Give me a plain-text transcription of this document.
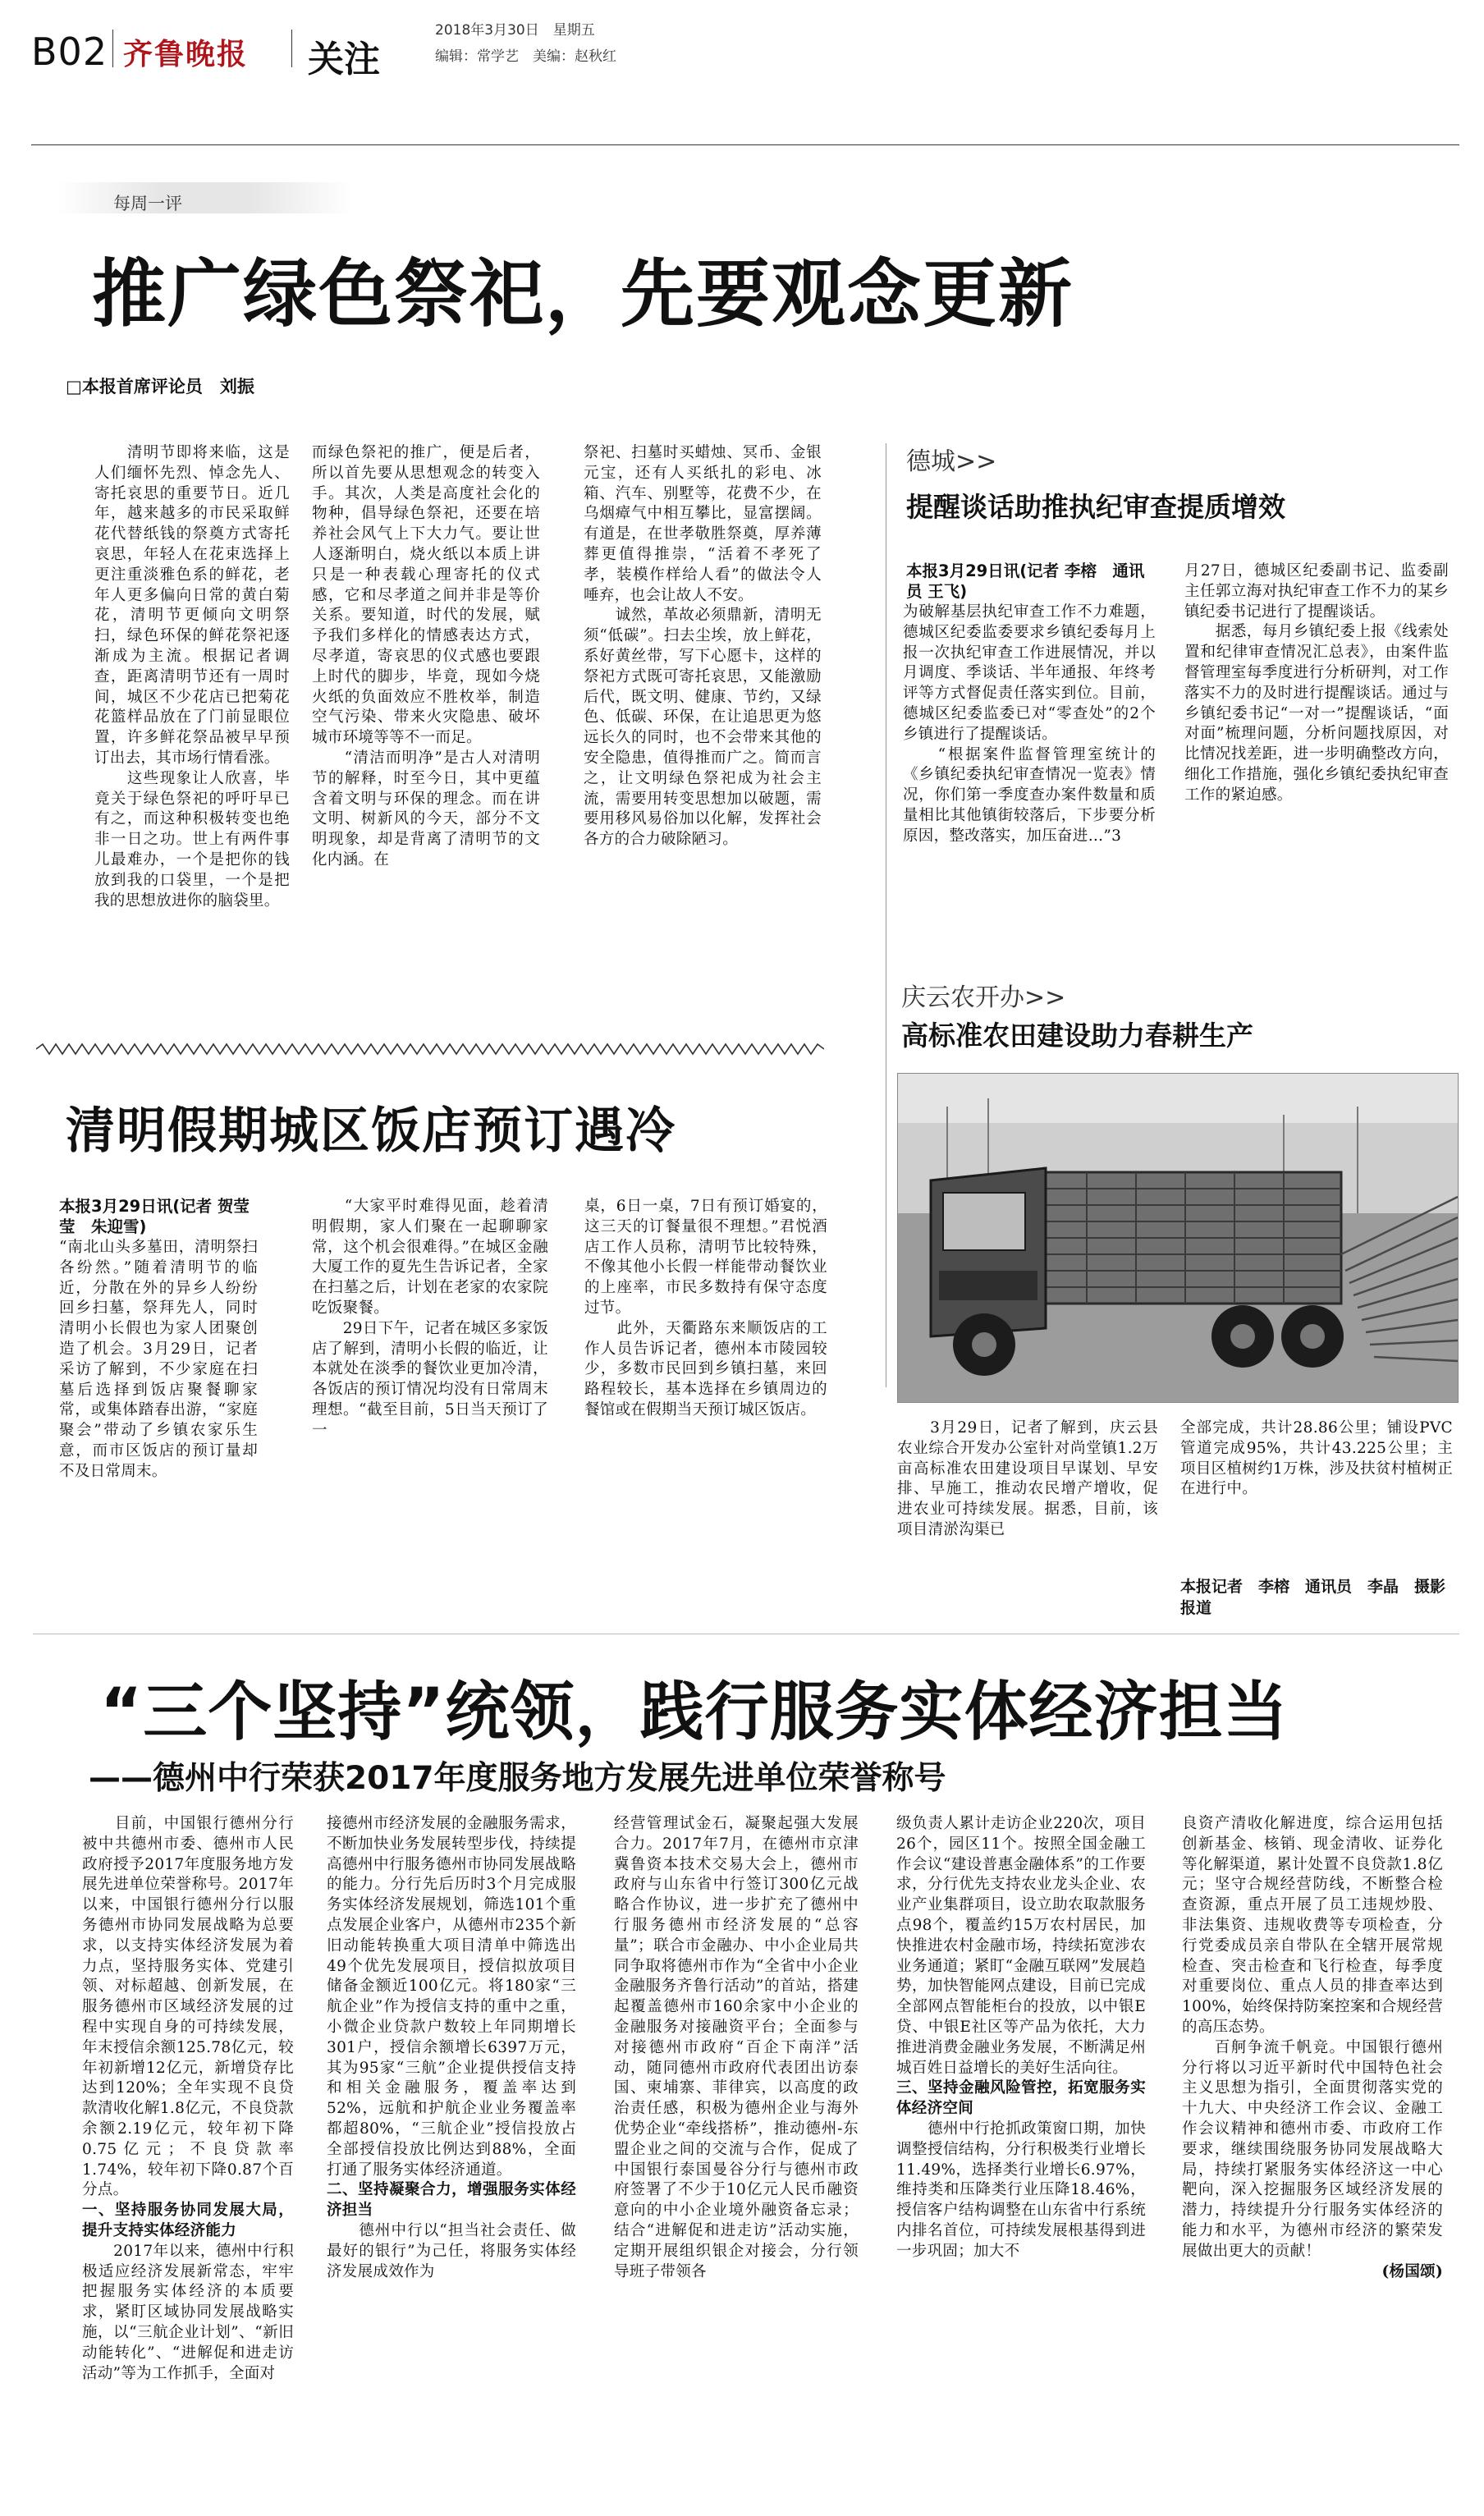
B02 齐鲁晚报 关注
2018年3月30日　星期五
编辑：常学艺　美编：赵秋红
每周一评
推广绿色祭祀，先要观念更新
□ 本报首席评论员　刘振
　　清明节即将来临，这是人们缅怀先烈、悼念先人、寄托哀思的重要节日。近几年，越来越多的市民采取鲜花代替纸钱的祭奠方式寄托哀思，年轻人在花束选择上更注重淡雅色系的鲜花，老年人更多偏向日常的黄白菊花，清明节更倾向文明祭扫，绿色环保的鲜花祭祀逐渐成为主流。根据记者调查，距离清明节还有一周时间，城区不少花店已把菊花花篮样品放在了门前显眼位置，许多鲜花祭品被早早预订出去，其市场行情看涨。
　　这些现象让人欣喜，毕竟关于绿色祭祀的呼吁早已有之，而这种积极转变也绝非一日之功。世上有两件事儿最难办，一个是把你的钱放到我的口袋里，一个是把我的思想放进你的脑袋里。
而绿色祭祀的推广，便是后者，所以首先要从思想观念的转变入手。其次，人类是高度社会化的物种，倡导绿色祭祀，还要在培养社会风气上下大力气。要让世人逐渐明白，烧火纸以本质上讲只是一种表载心理寄托的仪式感，它和尽孝道之间并非是等价关系。要知道，时代的发展，赋予我们多样化的情感表达方式，尽孝道，寄哀思的仪式感也要跟上时代的脚步，毕竟，现如今烧火纸的负面效应不胜枚举，制造空气污染、带来火灾隐患、破坏城市环境等等不一而足。
　　“清洁而明净”是古人对清明节的解释，时至今日，其中更蕴含着文明与环保的理念。而在讲文明、树新风的今天，部分不文明现象，却是背离了清明节的文化内涵。在
祭祀、扫墓时买蜡烛、冥币、金银元宝，还有人买纸扎的彩电、冰箱、汽车、别墅等，花费不少，在乌烟瘴气中相互攀比，显富摆阔。有道是，在世孝敬胜祭奠，厚养薄葬更值得推崇，“活着不孝死了孝，装模作样给人看”的做法令人唾弃，也会让故人不安。
　　诚然，革故必须鼎新，清明无须“低碳”。扫去尘埃，放上鲜花，系好黄丝带，写下心愿卡，这样的祭祀方式既可寄托哀思，又能激励后代，既文明、健康、节约，又绿色、低碳、环保，在让追思更为悠远长久的同时，也不会带来其他的安全隐患，值得推而广之。简而言之，让文明绿色祭祀成为社会主流，需要用转变思想加以破题，需要用移风易俗加以化解，发挥社会各方的合力破除陋习。
德城>>
提醒谈话助推执纪审查提质增效
本报3月29日讯(记者 李榕　通讯员 王飞)
为破解基层执纪审查工作不力难题，德城区纪委监委要求乡镇纪委每月上报一次执纪审查工作进展情况，并以月调度、季谈话、半年通报、年终考评等方式督促责任落实到位。目前，德城区纪委监委已对“零查处”的2个乡镇进行了提醒谈话。
　　“根据案件监督管理室统计的《乡镇纪委执纪审查情况一览表》情况，你们第一季度查办案件数量和质量相比其他镇街较落后，下步要分析原因，整改落实，加压奋进…”3
月27日，德城区纪委副书记、监委副主任郭立海对执纪审查工作不力的某乡镇纪委书记进行了提醒谈话。
　　据悉，每月乡镇纪委上报《线索处置和纪律审查情况汇总表》，由案件监督管理室每季度进行分析研判，对工作落实不力的及时进行提醒谈话。通过与乡镇纪委书记“一对一”提醒谈话，“面对面”梳理问题，分析问题找原因，对比情况找差距，进一步明确整改方向，细化工作措施，强化乡镇纪委执纪审查工作的紧迫感。
庆云农开办>>
高标准农田建设助力春耕生产
　　3月29日，记者了解到，庆云县农业综合开发办公室针对尚堂镇1.2万亩高标准农田建设项目早谋划、早安排、早施工，推动农民增产增收，促进农业可持续发展。据悉，目前，该项目清淤沟渠已
全部完成，共计28.86公里；铺设PVC管道完成95%，共计43.225公里；主项目区植树约1万株，涉及扶贫村植树正在进行中。
本报记者　李榕　通讯员　李晶　摄影报道
清明假期城区饭店预订遇冷
本报3月29日讯(记者 贺莹莹　朱迎雪)
“南北山头多墓田，清明祭扫各纷然。”随着清明节的临近，分散在外的异乡人纷纷回乡扫墓，祭拜先人，同时清明小长假也为家人团聚创造了机会。3月29日，记者采访了解到，不少家庭在扫墓后选择到饭店聚餐聊家常，或集体踏春出游，“家庭聚会”带动了乡镇农家乐生意，而市区饭店的预订量却不及日常周末。
　　“大家平时难得见面，趁着清明假期，家人们聚在一起聊聊家常，这个机会很难得。”在城区金融大厦工作的夏先生告诉记者，全家在扫墓之后，计划在老家的农家院吃饭聚餐。
　　29日下午，记者在城区多家饭店了解到，清明小长假的临近，让本就处在淡季的餐饮业更加冷清，各饭店的预订情况均没有日常周末理想。“截至目前，5日当天预订了一
桌，6日一桌，7日有预订婚宴的，这三天的订餐量很不理想。”君悦酒店工作人员称，清明节比较特殊，不像其他小长假一样能带动餐饮业的上座率，市民多数持有保守态度过节。
　　此外，天衢路东来顺饭店的工作人员告诉记者，德州本市陵园较少，多数市民回到乡镇扫墓，来回路程较长，基本选择在乡镇周边的餐馆或在假期当天预订城区饭店。
“三个坚持”统领，践行服务实体经济担当
——德州中行荣获2017年度服务地方发展先进单位荣誉称号
　　目前，中国银行德州分行被中共德州市委、德州市人民政府授予2017年度服务地方发展先进单位荣誉称号。2017年以来，中国银行德州分行以服务德州市协同发展战略为总要求，以支持实体经济发展为着力点，坚持服务实体、党建引领、对标超越、创新发展，在服务德州市区域经济发展的过程中实现自身的可持续发展，年末授信余额125.78亿元，较年初新增12亿元，新增贷存比达到120%；全年实现不良贷款清收化解1.8亿元，不良贷款余额2.19亿元，较年初下降0.75亿元；不良贷款率1.74%，较年初下降0.87个百分点。
一、坚持服务协同发展大局，提升支持实体经济能力
　　2017年以来，德州中行积极适应经济发展新常态，牢牢把握服务实体经济的本质要求，紧盯区域协同发展战略实施，以“三航企业计划”、“新旧动能转化”、“进解促和进走访活动”等为工作抓手，全面对
接德州市经济发展的金融服务需求，不断加快业务发展转型步伐，持续提高德州中行服务德州市协同发展战略的能力。分行先后历时3个月完成服务实体经济发展规划，筛选101个重点发展企业客户，从德州市235个新旧动能转换重大项目清单中筛选出49个优先发展项目，授信拟放项目储备金额近100亿元。将180家“三航企业”作为授信支持的重中之重，小微企业贷款户数较上年同期增长301户，授信余额增长6397万元，其为95家“三航”企业提供授信支持和相关金融服务，覆盖率达到52%，远航和护航企业业务覆盖率都超80%，“三航企业”授信投放占全部授信投放比例达到88%，全面打通了服务实体经济通道。
二、坚持凝聚合力，增强服务实体经济担当
　　德州中行以“担当社会责任、做最好的银行”为己任，将服务实体经济发展成效作为
经营管理试金石，凝聚起强大发展合力。2017年7月，在德州市京津冀鲁资本技术交易大会上，德州市政府与山东省中行签订300亿元战略合作协议，进一步扩充了德州中行服务德州市经济发展的“总容量”；联合市金融办、中小企业局共同争取将德州市作为“全省中小企业金融服务齐鲁行活动”的首站，搭建起覆盖德州市160余家中小企业的金融服务对接融资平台；全面参与对接德州市政府“百企下南洋”活动，随同德州市政府代表团出访泰国、柬埔寨、菲律宾，以高度的政治责任感，积极为德州企业与海外优势企业“牵线搭桥”，推动德州-东盟企业之间的交流与合作，促成了中国银行泰国曼谷分行与德州市政府签署了不少于10亿元人民币融资意向的中小企业境外融资备忘录；结合“进解促和进走访”活动实施，定期开展组织银企对接会，分行领导班子带领各
级负责人累计走访企业220次，项目26个，园区11个。按照全国金融工作会议“建设普惠金融体系”的工作要求，分行优先支持农业龙头企业、农业产业集群项目，设立助农取款服务点98个，覆盖约15万农村居民，加快推进农村金融市场，持续拓宽涉农业务通道；紧盯“金融互联网”发展趋势，加快智能网点建设，目前已完成全部网点智能柜台的投放，以中银E贷、中银E社区等产品为依托，大力推进消费金融业务发展，不断满足州城百姓日益增长的美好生活向往。
三、坚持金融风险管控，拓宽服务实体经济空间
　　德州中行抢抓政策窗口期，加快调整授信结构，分行积极类行业增长11.49%，选择类行业增长6.97%，维持类和压降类行业压降18.46%，授信客户结构调整在山东省中行系统内排名首位，可持续发展根基得到进一步巩固；加大不
良资产清收化解进度，综合运用包括创新基金、核销、现金清收、证券化等化解渠道，累计处置不良贷款1.8亿元；坚守合规经营防线，不断整合检查资源，重点开展了员工违规炒股、非法集资、违规收费等专项检查，分行党委成员亲自带队在全辖开展常规检查、突击检查和飞行检查，每季度对重要岗位、重点人员的排查率达到100%，始终保持防案控案和合规经营的高压态势。
　　百舸争流千帆竞。中国银行德州分行将以习近平新时代中国特色社会主义思想为指引，全面贯彻落实党的十九大、中央经济工作会议、金融工作会议精神和德州市委、市政府工作要求，继续围绕服务协同发展战略大局，持续打紧服务实体经济这一中心靶向，深入挖掘服务区域经济发展的潜力，持续提升分行服务实体经济的能力和水平，为德州市经济的繁荣发展做出更大的贡献！
(杨国颂)
